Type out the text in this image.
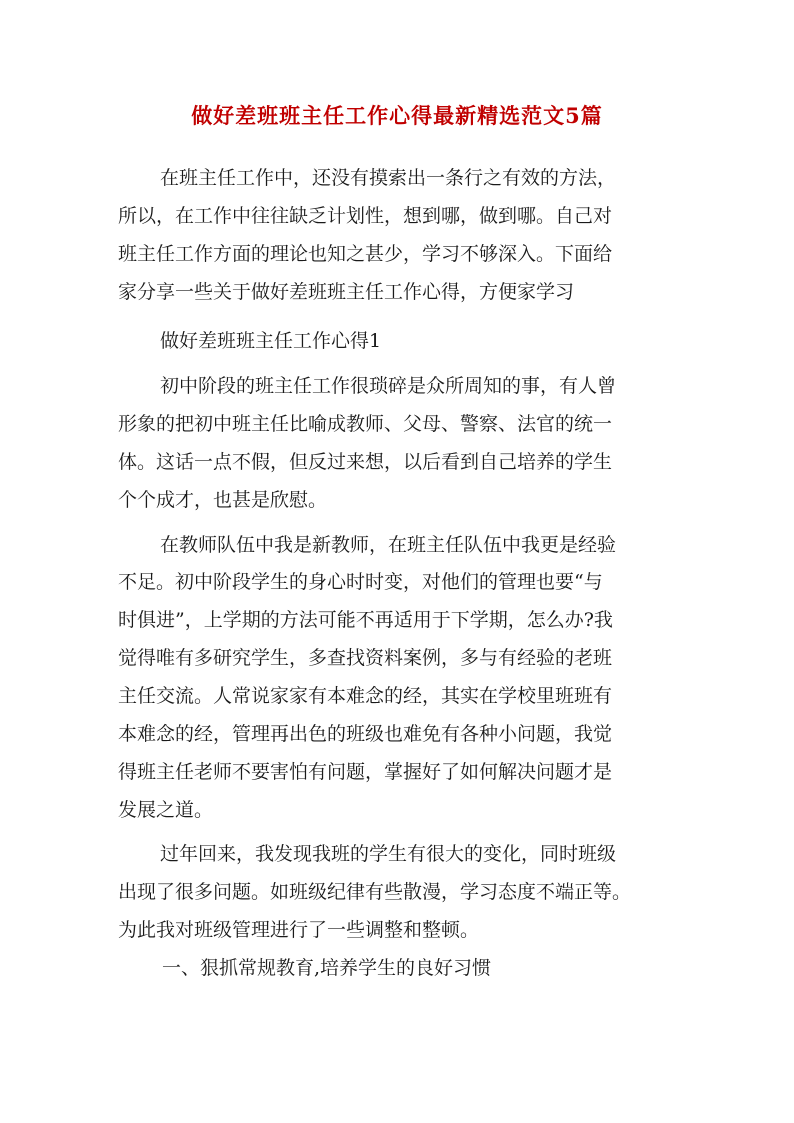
做好差班班主任工作心得最新精选范文5篇
在班主任工作中，还没有摸索出一条行之有效的方法，
所以，在工作中往往缺乏计划性，想到哪，做到哪。自己对
班主任工作方面的理论也知之甚少，学习不够深入。下面给
家分享一些关于做好差班班主任工作心得，方便家学习
做好差班班主任工作心得1
初中阶段的班主任工作很琐碎是众所周知的事，有人曾
形象的把初中班主任比喻成教师、父母、警察、法官的统一
体。这话一点不假，但反过来想，以后看到自己培养的学生
个个成才，也甚是欣慰。
在教师队伍中我是新教师，在班主任队伍中我更是经验
不足。初中阶段学生的身心时时变，对他们的管理也要“与
时俱进”，上学期的方法可能不再适用于下学期，怎么办?我
觉得唯有多研究学生，多查找资料案例，多与有经验的老班
主任交流。人常说家家有本难念的经，其实在学校里班班有
本难念的经，管理再出色的班级也难免有各种小问题，我觉
得班主任老师不要害怕有问题，掌握好了如何解决问题才是
发展之道。
过年回来，我发现我班的学生有很大的变化，同时班级
出现了很多问题。如班级纪律有些散漫，学习态度不端正等。
为此我对班级管理进行了一些调整和整顿。
一、狠抓常规教育,培养学生的良好习惯
